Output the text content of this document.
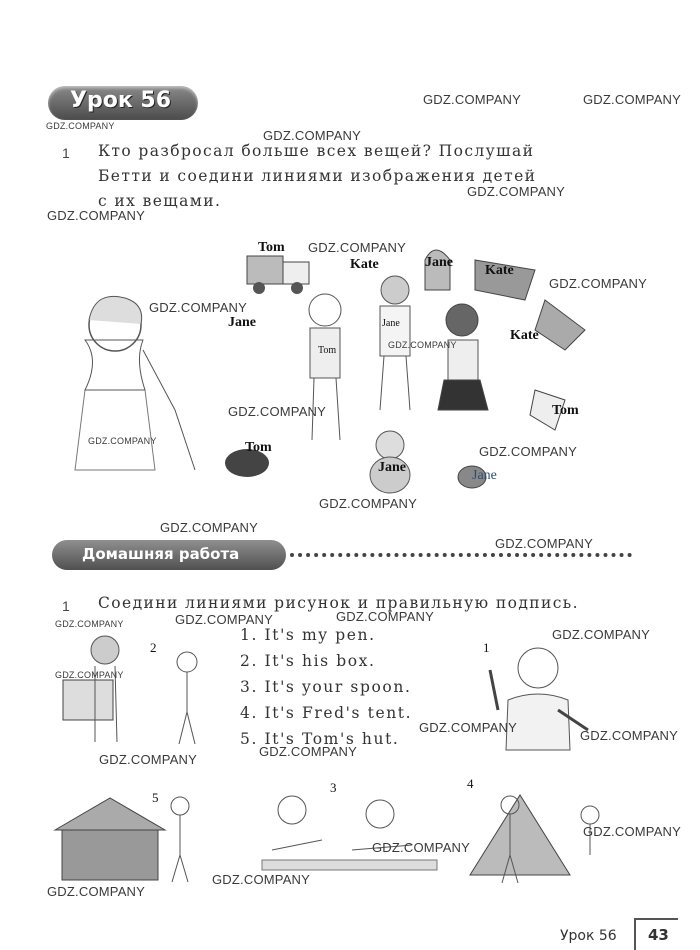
Урок 56
1 Кто разбросал больше всех вещей? Послушай
Бетти и соедини линиями изображения детей
с их вещами.
Tom
Kate	Jane
Kate
Jane
Tom
Kate
Jane
Tom
Jane
Jane
Tom
Домашняя работа
1 Соедини линиями рисунок и правильную подпись.
1. It's my pen.
2. It's his box.
3. It's your spoon.
4. It's Fred's tent.
5. It's Tom's hut.
2	1
5
3	4
GDZ.COMPANY	GDZ.COMPANY
GDZ.COMPANY
GDZ.COMPANY
GDZ.COMPANY
GDZ.COMPANY
GDZ.COMPANY
GDZ.COMPANY
GDZ.COMPANY
GDZ.COMPANY
GDZ.COMPANY
GDZ.COMPANY
GDZ.COMPANY
GDZ.COMPANY
GDZ.COMPANY
GDZ.COMPANY
GDZ.COMPANY	GDZ.COMPANY	GDZ.COMPANY
GDZ.COMPANY
GDZ.COMPANY
GDZ.COMPANY
GDZ.COMPANY
GDZ.COMPANY
GDZ.COMPANY
GDZ.COMPANY
GDZ.COMPANY
GDZ.COMPANY
GDZ.COMPANY
Урок 56 43
